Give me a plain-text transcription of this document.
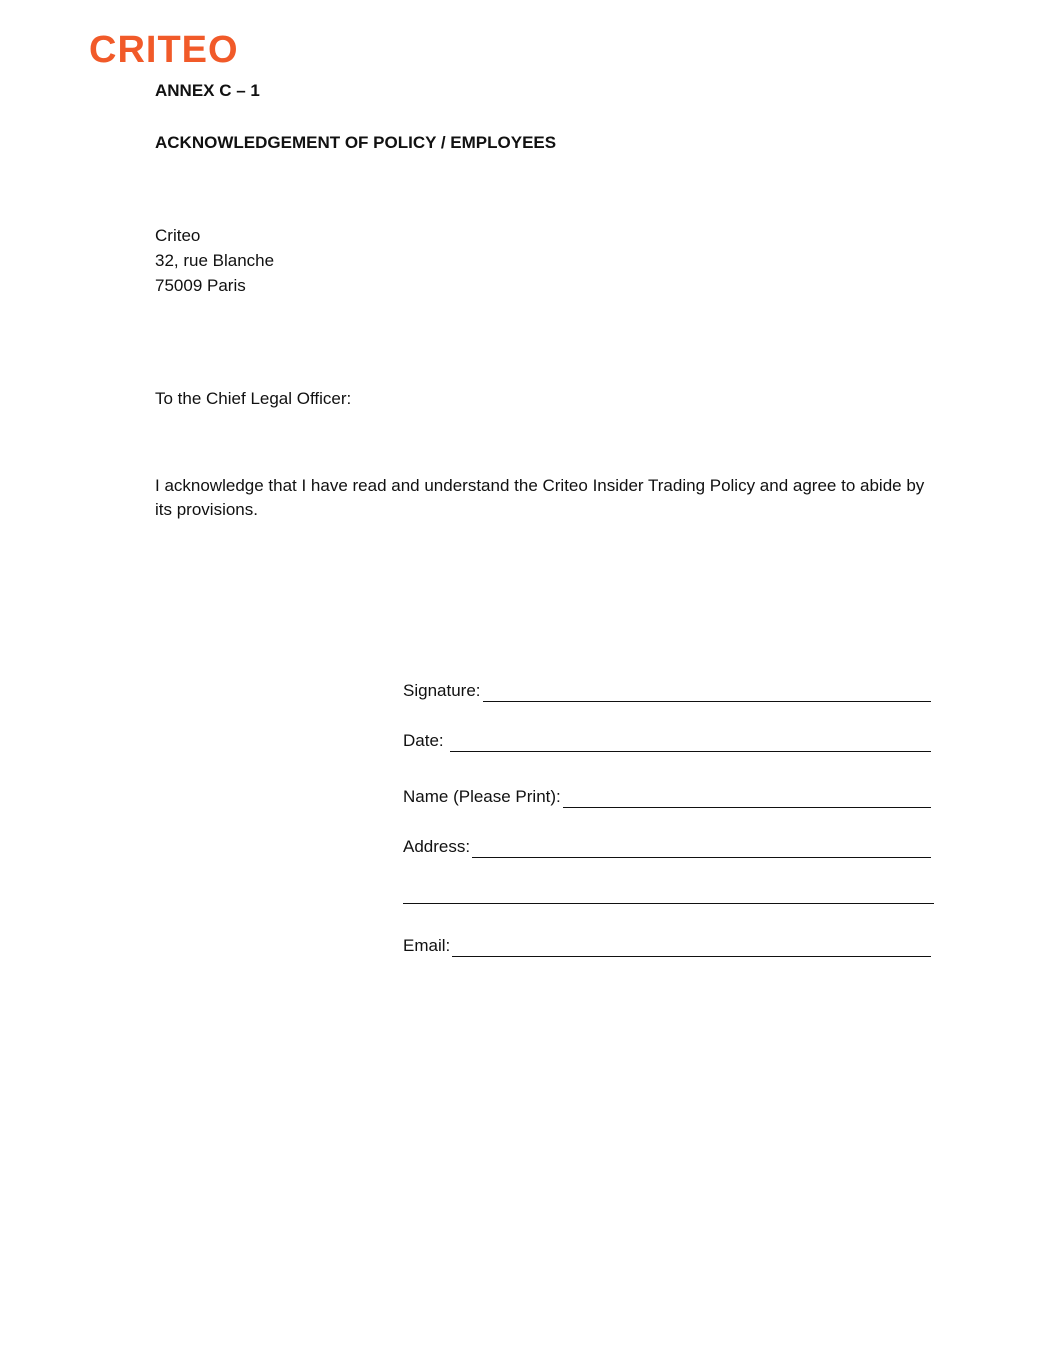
CRITEO
ANNEX C – 1
ACKNOWLEDGEMENT OF POLICY / EMPLOYEES
Criteo
32, rue Blanche
75009 Paris
To the Chief Legal Officer:
I acknowledge that I have read and understand the Criteo Insider Trading Policy and agree to abide by its provisions.
Signature:
Date:
Name (Please Print):
Address:
Email:
